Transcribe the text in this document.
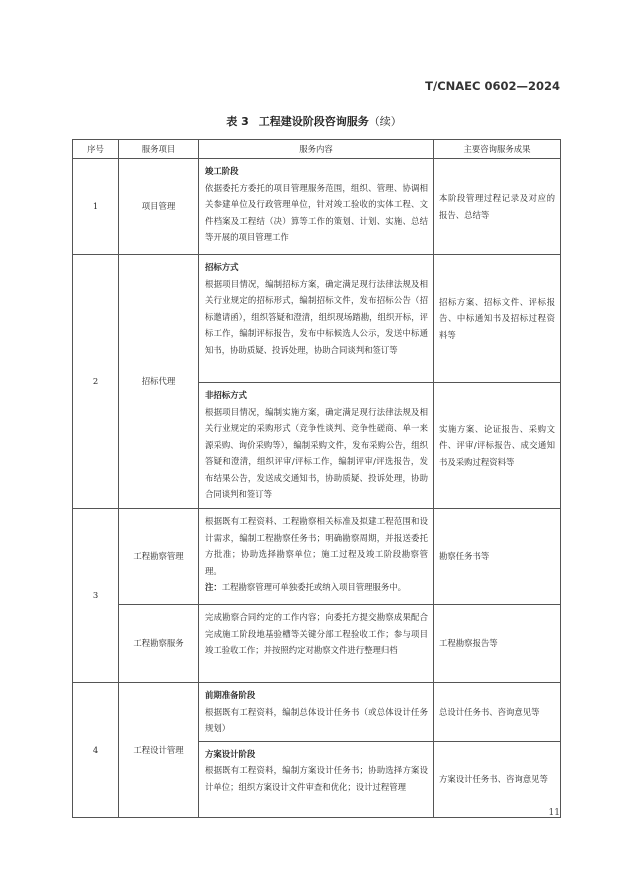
T/CNAEC 0602—2024
表 3 工程建设阶段咨询服务（续）
序号	服务项目	服务内容	主要咨询服务成果
1	项目管理	竣工阶段
依据委托方委托的项目管理服务范围，组织、管理、协调相关参建单位及行政管理单位，针对竣工验收的实体工程、文件档案及工程结（决）算等工作的策划、计划、实施、总结等开展的项目管理工作	本阶段管理过程记录及对应的报告、总结等
2	招标代理	招标方式
根据项目情况，编制招标方案，确定满足现行法律法规及相关行业规定的招标形式，编制招标文件，发布招标公告（招标邀请函），组织答疑和澄清，组织现场踏勘，组织开标，评标工作，编制评标报告，发布中标候选人公示，发送中标通知书，协助质疑、投诉处理，协助合同谈判和签订等	招标方案、招标文件、评标报告、中标通知书及招标过程资料等

		非招标方式
根据项目情况，编制实施方案，确定满足现行法律法规及相关行业规定的采购形式（竞争性谈判、竞争性磋商、单一来源采购、询价采购等），编制采购文件，发布采购公告，组织答疑和澄清，组织评审/评标工作，编制评审/评选报告，发布结果公告，发送成交通知书，协助质疑、投诉处理，协助合同谈判和签订等	实施方案、论证报告、采购文件、评审/评标报告、成交通知书及采购过程资料等
3	工程勘察管理	根据既有工程资料、工程勘察相关标准及拟建工程范围和设计需求，编制工程勘察任务书；明确勘察周期，并报送委托方批准；协助选择勘察单位；施工过程及竣工阶段勘察管理。
注：工程勘察管理可单独委托或纳入项目管理服务中。	勘察任务书等
	工程勘察服务	完成勘察合同约定的工作内容；向委托方提交勘察成果配合完成施工阶段地基验槽等关键分部工程验收工作；参与项目竣工验收工作；并按照约定对勘察文件进行整理归档	工程勘察报告等
4	工程设计管理	前期准备阶段
根据既有工程资料，编制总体设计任务书（或总体设计任务规划）	总设计任务书、咨询意见等

		方案设计阶段
根据既有工程资料，编制方案设计任务书；协助选择方案设计单位；组织方案设计文件审查和优化；设计过程管理	方案设计任务书、咨询意见等
11
